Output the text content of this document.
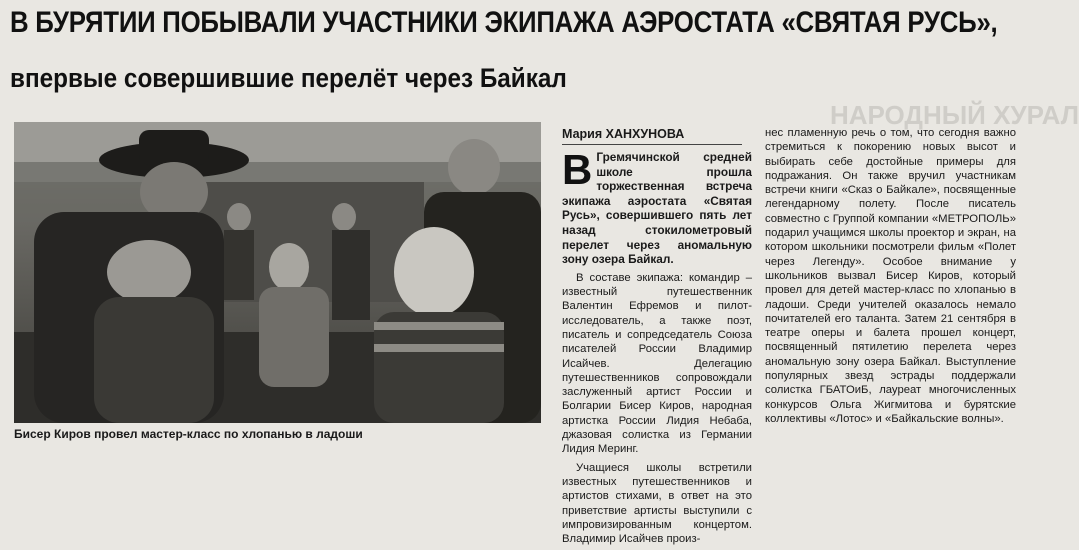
В БУРЯТИИ ПОБЫВАЛИ УЧАСТНИКИ ЭКИПАЖА АЭРОСТАТА «СВЯТАЯ РУСЬ»,
впервые совершившие перелёт через Байкал
НАРОДНЫЙ ХУРАЛ
Бисер Киров провел мастер-класс по хлопанью в ладоши
Мария ХАНХУНОВА

В Гремячинской средней школе прошла торжественная встреча экипажа аэростата «Святая Русь», совершившего пять лет назад стокилометровый перелет через аномальную зону озера Байкал.

В составе экипажа: командир – известный путешественник Валентин Ефремов и пилот-исследователь, а также поэт, писатель и сопредседатель Союза писателей России Владимир Исайчев. Делегацию путешественников сопровождали заслуженный артист России и Болгарии Бисер Киров, народная артистка России Лидия Небаба, джазовая солистка из Германии Лидия Меринг.

Учащиеся школы встретили известных путешественников и артистов стихами, в ответ на это приветствие артисты выступили с импровизированным концертом. Владимир Исайчев произ-

нес пламенную речь о том, что сегодня важно стремиться к покорению новых высот и выбирать себе достойные примеры для подражания. Он также вручил участникам встречи книги «Сказ о Байкале», посвященные легендарному полету. После писатель совместно с Группой компании «МЕТРОПОЛЬ» подарил учащимся школы проектор и экран, на котором школьники посмотрели фильм «Полет через Легенду». Особое внимание у школьников вызвал Бисер Киров, который провел для детей мастер-класс по хлопанью в ладоши. Среди учителей оказалось немало почитателей его таланта. Затем 21 сентября в театре оперы и балета прошел концерт, посвященный пятилетию перелета через аномальную зону озера Байкал. Выступление популярных звезд эстрады поддержали солистка ГБАТОиБ, лауреат многочисленных конкурсов Ольга Жигмитова и бурятские коллективы «Лотос» и «Байкальские волны».
